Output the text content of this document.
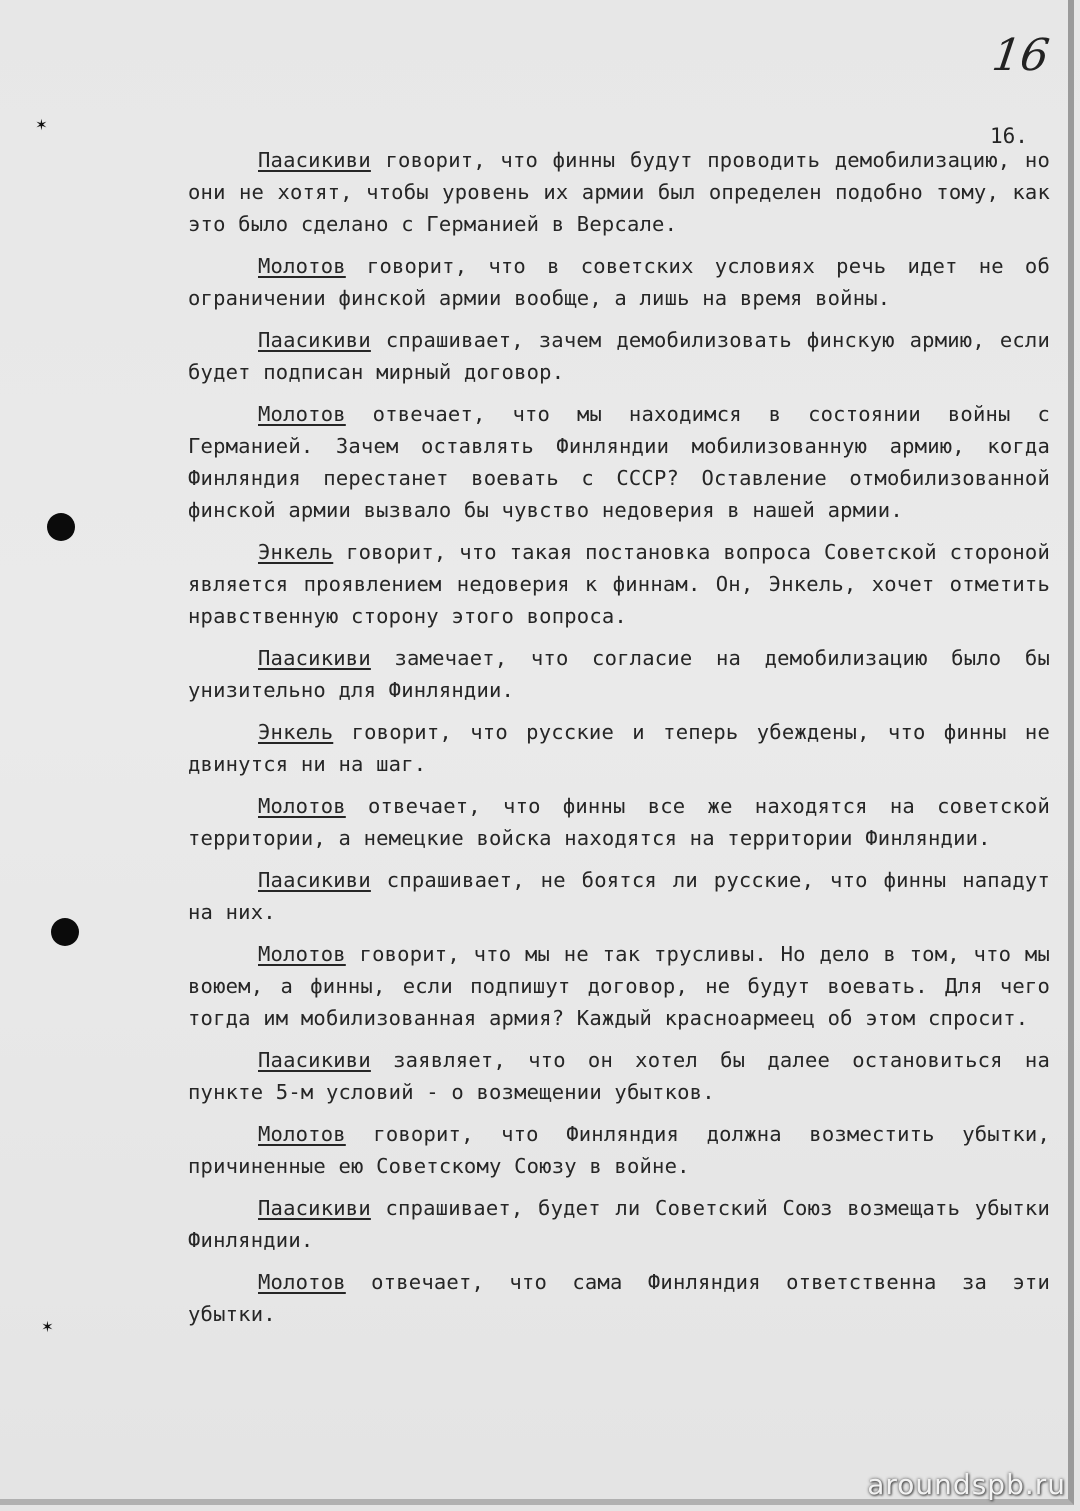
✶
✶
16
16.

Паасикиви говорит, что финны будут проводить демобилизацию, но они не хотят, чтобы уровень их армии был определен подобно тому, как это было сделано с Германией в Версале.

Молотов говорит, что в советских условиях речь идет не об ограничении финской армии вообще, а лишь на время войны.

Паасикиви спрашивает, зачем демобилизовать финскую армию, если будет подписан мирный договор.

Молотов отвечает, что мы находимся в состоянии войны с Германией. Зачем оставлять Финляндии мобилизованную армию, когда Финляндия перестанет воевать с СССР? Оставление отмобилизованной финской армии вызвало бы чувство недоверия в нашей армии.

Энкель говорит, что такая постановка вопроса Советской стороной является проявлением недоверия к финнам. Он, Энкель, хочет отметить нравственную сторону этого вопроса.

Паасикиви замечает, что согласие на демобилизацию было бы унизительно для Финляндии.

Энкель говорит, что русские и теперь убеждены, что финны не двинутся ни на шаг.

Молотов отвечает, что финны все же находятся на советской территории, а немецкие войска находятся на территории Финляндии.

Паасикиви спрашивает, не боятся ли русские, что финны нападут на них.

Молотов говорит, что мы не так трусливы. Но дело в том, что мы воюем, а финны, если подпишут договор, не будут воевать. Для чего тогда им мобилизованная армия? Каждый красноармеец об этом спросит.

Паасикиви заявляет, что он хотел бы далее остановиться на пункте 5-м условий - о возмещении убытков.

Молотов говорит, что Финляндия должна возместить убытки, причиненные ею Советскому Союзу в войне.

Паасикиви спрашивает, будет ли Советский Союз возмещать убытки Финляндии.

Молотов отвечает, что сама Финляндия ответственна за эти убытки.

aroundspb.ru
